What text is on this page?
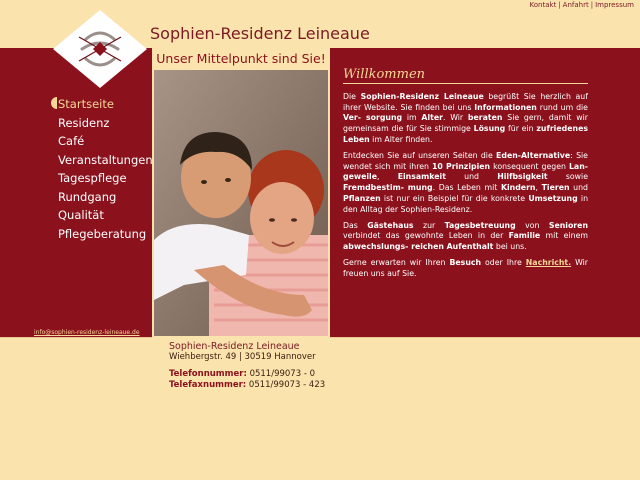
Kontakt | Anfahrt | Impressum
Sophien-Residenz Leineaue
Unser Mittelpunkt sind Sie!
Startseite
Residenz
Café
Veranstaltungen
Tagespflege
Rundgang
Qualität
Pflegeberatung
info@sophien-residenz-leineaue.de
Willkommen

Die Sophien-Residenz Leineaue begrüßt Sie herzlich auf ihrer Website. Sie finden bei uns Informationen rund um die Ver- sorgung im Alter. Wir beraten Sie gern, damit wir gemeinsam die für Sie stimmige Lösung für ein zufriedenes Leben im Alter finden.

Entdecken Sie auf unseren Seiten die Eden-Alternative: Sie wendet sich mit ihren 10 Prinzipien konsequent gegen Lan- geweile, Einsamkeit und Hilfbsigkeit sowie Fremdbestim- mung. Das Leben mit Kindern, Tieren und Pflanzen ist nur ein Beispiel für die konkrete Umsetzung in den Alltag der Sophien-Residenz.

Das Gästehaus zur Tagesbetreuung von Senioren verbindet das gewohnte Leben in der Familie mit einem abwechslungs- reichen Aufenthalt bei uns.

Gerne erwarten wir Ihren Besuch oder Ihre Nachricht. Wir freuen uns auf Sie.

Sophien-Residenz Leineaue
Wiehbergstr. 49 | 30519 Hannover
Telefonnummer: 0511/99073 - 0
Telefaxnummer: 0511/99073 - 423
